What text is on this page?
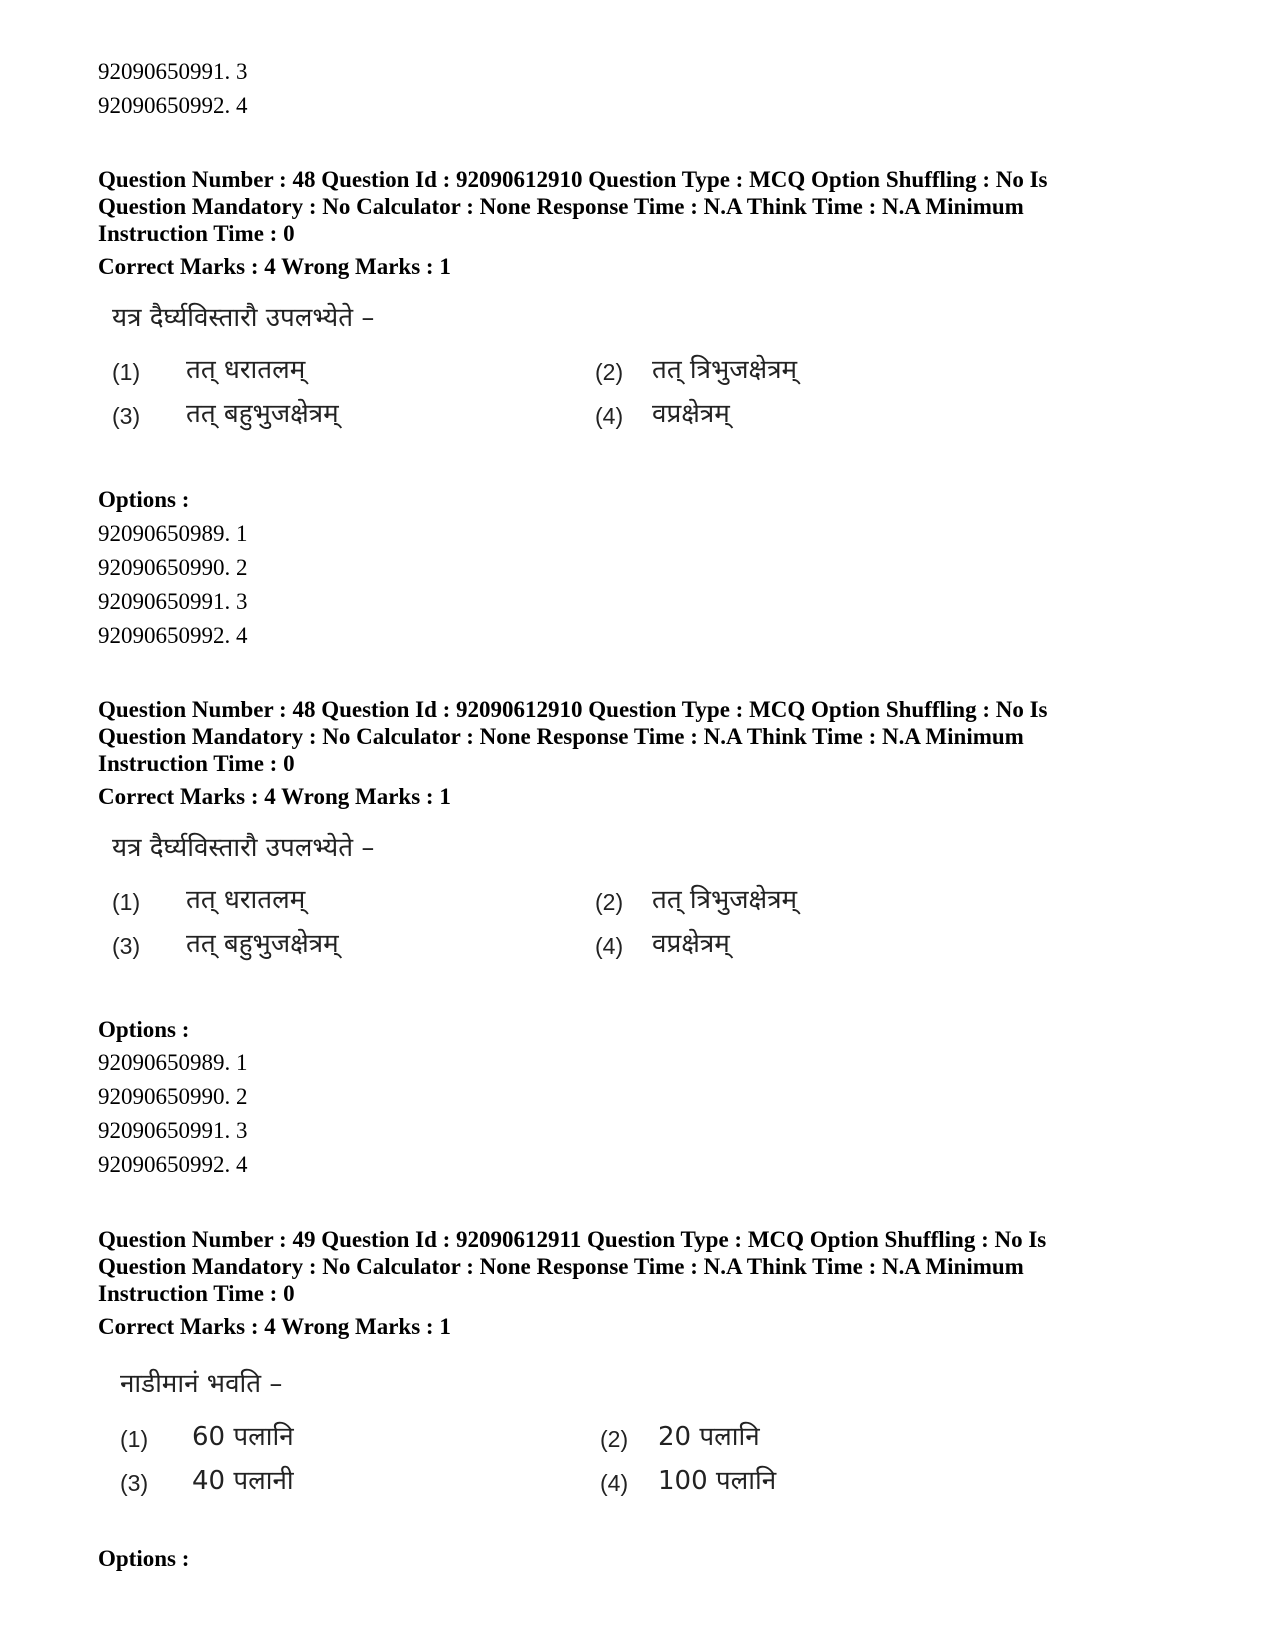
92090650991. 3
92090650992. 4
Question Number : 48 Question Id : 92090612910 Question Type : MCQ Option Shuffling : No Is
Question Mandatory : No Calculator : None Response Time : N.A Think Time : N.A Minimum
Instruction Time : 0
Correct Marks : 4 Wrong Marks : 1
यत्र दैर्घ्यविस्तारौ उपलभ्येते –
(1) तत् धरातलम्	(2) तत् त्रिभुजक्षेत्रम्
(3) तत् बहुभुजक्षेत्रम्	(4) वप्रक्षेत्रम्
Options :
92090650989. 1
92090650990. 2
92090650991. 3
92090650992. 4
Question Number : 48 Question Id : 92090612910 Question Type : MCQ Option Shuffling : No Is
Question Mandatory : No Calculator : None Response Time : N.A Think Time : N.A Minimum
Instruction Time : 0
Correct Marks : 4 Wrong Marks : 1
यत्र दैर्घ्यविस्तारौ उपलभ्येते –
(1) तत् धरातलम्	(2) तत् त्रिभुजक्षेत्रम्
(3) तत् बहुभुजक्षेत्रम्	(4) वप्रक्षेत्रम्
Options :
92090650989. 1
92090650990. 2
92090650991. 3
92090650992. 4
Question Number : 49 Question Id : 92090612911 Question Type : MCQ Option Shuffling : No Is
Question Mandatory : No Calculator : None Response Time : N.A Think Time : N.A Minimum
Instruction Time : 0
Correct Marks : 4 Wrong Marks : 1
नाडीमानं भवति –
(1) 60 पलानि	(2) 20 पलानि
(3) 40 पलानी	(4) 100 पलानि
Options :
